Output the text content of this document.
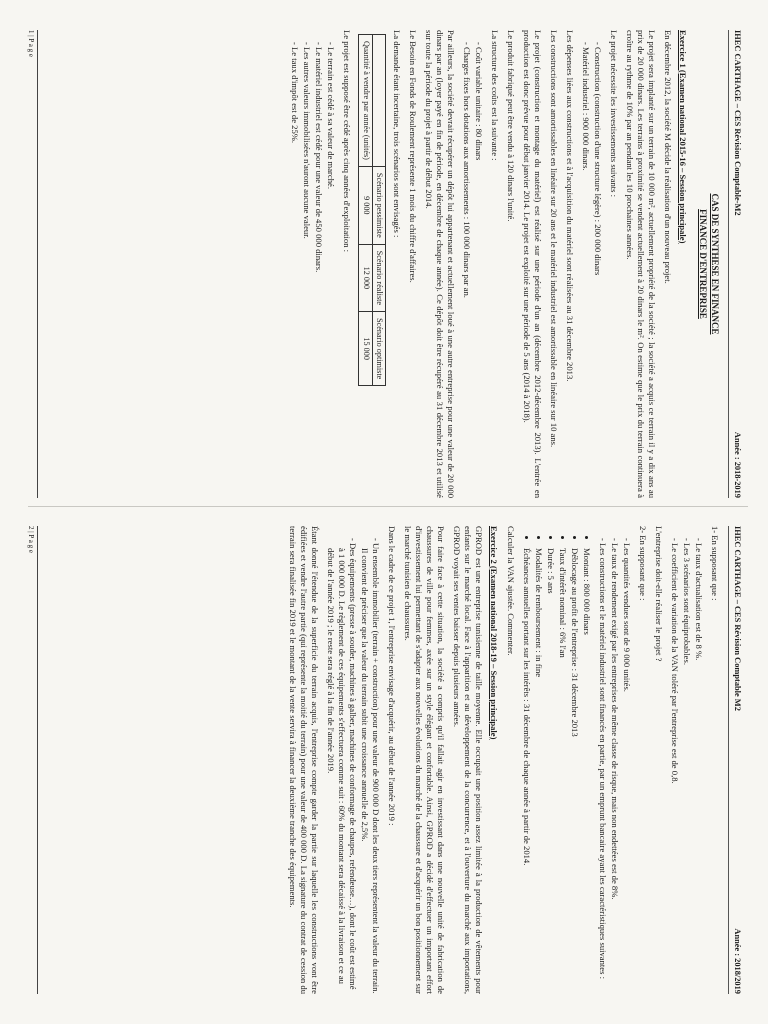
IHEC CARTHAGE – CES Révision Comptable-M2
Année : 2018-2019
CAS DE SYNTHESE EN FINANCE
FINANCE D'ENTREPRISE
Exercice 1 (Examen national 2015-16 – Session principale)

En décembre 2012, la société M décide la réalisation d'un nouveau projet.

Le projet sera implanté sur un terrain de 10 000 m², actuellement propriété de la société ; la société a acquis ce terrain il y a dix ans au prix de 20 000 dinars. Les terrains à proximité se vendent actuellement à 20 dinars le m². On estime que le prix du terrain continuera à croître au rythme de 10% par an pendant les 10 prochaines années.

Le projet nécessite les investissements suivants :

- Construction (construction d'une structure légère) : 200 000 dinars
- Matériel industriel : 900 000 dinars.

Les dépenses liées aux constructions et à l'acquisition du matériel sont réalisées au 31 décembre 2013.

Les constructions sont amortissables en linéaire sur 20 ans et le matériel industriel est amortissable en linéaire sur 10 ans.

Le projet (construction et montage du matériel) est réalisé sur une période d'un an (décembre 2012-décembre 2013). L'entrée en production est donc prévue pour début janvier 2014. Le projet est exploité sur une période de 5 ans (2014 à 2018).

Le produit fabriqué peut être vendu à 120 dinars l'unité.

La structure des coûts est la suivante :

- Coût variable unitaire : 80 dinars
- Charges fixes hors dotations aux amortissements : 100 000 dinars par an.

Par ailleurs, la société devrait récupérer un dépôt lui appartenant et actuellement loué à une autre entreprise pour une valeur de 20 000 dinars par an (loyer payé en fin de période, en décembre de chaque année). Ce dépôt doit être récupéré au 31 décembre 2013 et utilisé sur toute la période du projet à partir de début 2014.

Le Besoin en Fonds de Roulement représente 1 mois du chiffre d'affaires.

La demande étant incertaine, trois scénarios sont envisagés :

	Scénario pessimiste	Scénario réaliste	Scénario optimiste
Quantité à vendre par année (unités)	9 000	12 000	15 000

Le projet est supposé être cédé après cinq années d'exploitation :

- Le terrain est cédé à sa valeur de marché.
- Le matériel industriel est cédé pour une valeur de 450 000 dinars.
- Les autres valeurs immobilisées n'auront aucune valeur.
- Le taux d'impôt est de 25%.
1 | P a g e
IHEC CARTHAGE – CES Révision Comptable M2
Année : 2018/2019

1- En supposant que :

- Le taux d'actualisation est de 8 %.
- Les 3 scénarios sont équiprobables.
- Le coefficient de variation de la VAN toléré par l'entreprise est de 0,8.

L'entreprise doit-elle réaliser le projet ?

2- En supposant que :

- Les quantités vendues sont de 9 000 unités.
- Le taux de rendement exigé par les entreprises de même classe de risque, mais non endettées est de 8%.
- Les constructions et le matériel industriel sont financés en partie, par un emprunt bancaire ayant les caractéristiques suivantes :
• Montant : 800 000 dinars
• Déblocage au profit de l'entreprise : 31 décembre 2013
• Taux d'intérêt nominal : 6% l'an
• Durée : 5 ans
• Modalités de remboursement : in fine
• Échéances annuelles portant sur les intérêts : 31 décembre de chaque année à partir de 2014.

Calculer la VAN ajustée. Commenter.

Exercice 2 (Examen national 2018-19 – Session principale)

GPROD est une entreprise tunisienne de taille moyenne. Elle occupait une position assez limitée à la production de vêtements pour enfants sur le marché local. Face à l'apparition et au développement de la concurrence, et à l'ouverture du marché aux importations, GPROD voyait ses ventes baisser depuis plusieurs années.

Pour faire face à cette situation, la société a compris qu'il fallait agir en investissant dans une nouvelle unité de fabrication de chaussures de ville pour femmes, axée sur un style élégant et confortable. Ainsi, GPROD a décidé d'effectuer un important effort d'investissement lui permettant de s'adapter aux nouvelles évolutions du marché de la chaussure et d'acquérir un bon positionnement sur le marché tunisien de chaussures.

Dans le cadre de ce projet 1, l'entreprise envisage d'acquérir, au début de l'année 2019 :

- Un ensemble immobilier (terrain + construction) pour une valeur de 900 000 D dont les deux tiers représentent la valeur du terrain. Il convient de préciser que la valeur du terrain subit une croissance annuelle de 2,5%.
- Des équipements (presse à souder, machines à galber, machines de conformage de chaupes, refendeuse…), dont le coût est estimé à 1 000 000 D. Le règlement de ces équipements s'effectuera comme suit : 60% du montant sera décaissé à la livraison et ce au début de l'année 2019 ; le reste sera réglé à la fin de l'année 2019.

Étant donné l'étendue de la superficie du terrain acquis, l'entreprise compte garder la partie sur laquelle les constructions vont être édifiées et vendre l'autre partie (qui représente la moitié du terrain) pour une valeur de 400 000 D. La signature du contrat de cession du terrain sera finalisée fin 2019 et le montant de la vente servira à financer la deuxième tranche des équipements.

2 | P a g e
